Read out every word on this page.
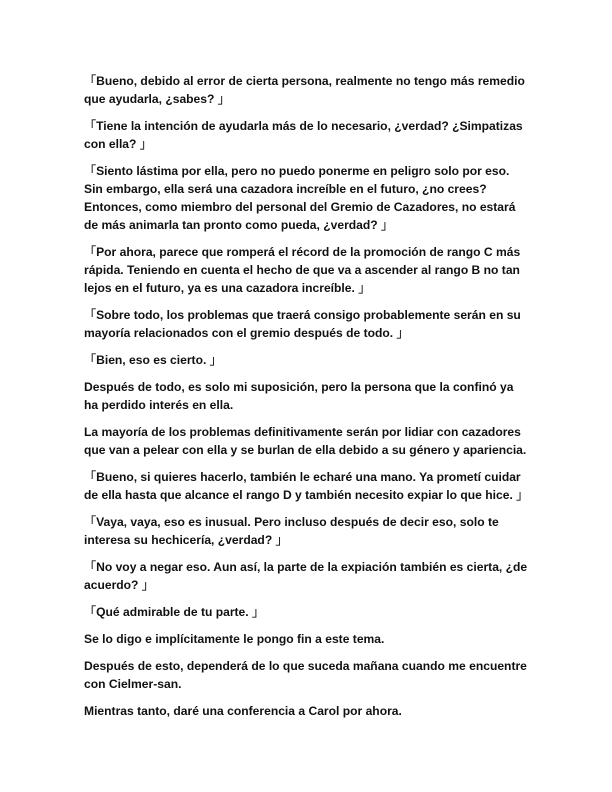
「Bueno, debido al error de cierta persona, realmente no tengo más remedio que ayudarla, ¿sabes? 」

「Tiene la intención de ayudarla más de lo necesario, ¿verdad? ¿Simpatizas con ella? 」

「Siento lástima por ella, pero no puedo ponerme en peligro solo por eso. Sin embargo, ella será una cazadora increíble en el futuro, ¿no crees? Entonces, como miembro del personal del Gremio de Cazadores, no estará de más animarla tan pronto como pueda, ¿verdad? 」

「Por ahora, parece que romperá el récord de la promoción de rango C más rápida. Teniendo en cuenta el hecho de que va a ascender al rango B no tan lejos en el futuro, ya es una cazadora increíble. 」

「Sobre todo, los problemas que traerá consigo probablemente serán en su mayoría relacionados con el gremio después de todo. 」

「Bien, eso es cierto. 」

Después de todo, es solo mi suposición, pero la persona que la confinó ya ha perdido interés en ella.

La mayoría de los problemas definitivamente serán por lidiar con cazadores que van a pelear con ella y se burlan de ella debido a su género y apariencia.

「Bueno, si quieres hacerlo, también le echaré una mano. Ya prometí cuidar de ella hasta que alcance el rango D y también necesito expiar lo que hice. 」

「Vaya, vaya, eso es inusual. Pero incluso después de decir eso, solo te interesa su hechicería, ¿verdad? 」

「No voy a negar eso. Aun así, la parte de la expiación también es cierta, ¿de acuerdo? 」

「Qué admirable de tu parte. 」

Se lo digo e implícitamente le pongo fin a este tema.

Después de esto, dependerá de lo que suceda mañana cuando me encuentre con Cielmer-san.

Mientras tanto, daré una conferencia a Carol por ahora.
